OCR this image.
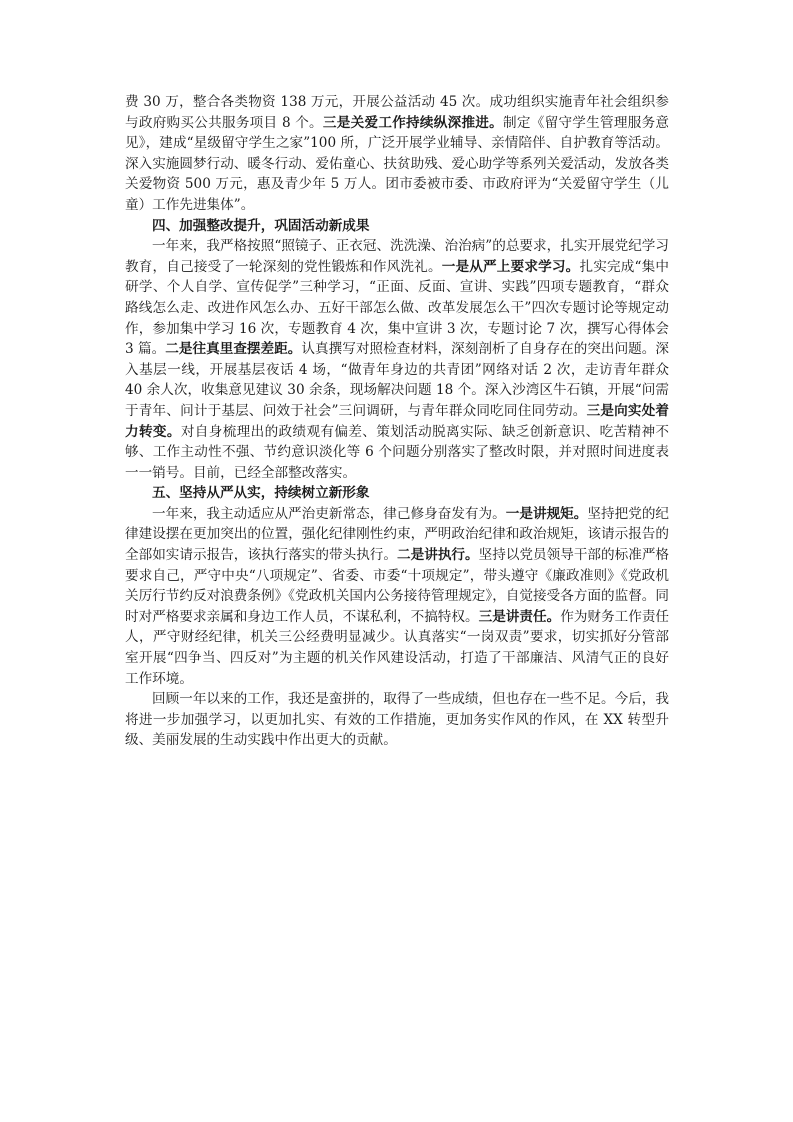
费 30 万，整合各类物资 138 万元，开展公益活动 45 次。成功组织实施青年社会组织参与政府购买公共服务项目 8 个。三是关爱工作持续纵深推进。制定《留守学生管理服务意见》，建成“星级留守学生之家”100 所，广泛开展学业辅导、亲情陪伴、自护教育等活动。深入实施圆梦行动、暖冬行动、爱佑童心、扶贫助残、爱心助学等系列关爱活动，发放各类关爱物资 500 万元，惠及青少年 5 万人。团市委被市委、市政府评为“关爱留守学生（儿童）工作先进集体”。

四、加强整改提升，巩固活动新成果

一年来，我严格按照“照镜子、正衣冠、洗洗澡、治治病”的总要求，扎实开展党纪学习教育，自己接受了一轮深刻的党性锻炼和作风洗礼。一是从严上要求学习。扎实完成“集中研学、个人自学、宣传促学”三种学习，“正面、反面、宣讲、实践”四项专题教育，“群众路线怎么走、改进作风怎么办、五好干部怎么做、改革发展怎么干”四次专题讨论等规定动作，参加集中学习 16 次，专题教育 4 次，集中宣讲 3 次，专题讨论 7 次，撰写心得体会 3 篇。二是往真里查摆差距。认真撰写对照检查材料，深刻剖析了自身存在的突出问题。深入基层一线，开展基层夜话 4 场，“做青年身边的共青团”网络对话 2 次，走访青年群众 40 余人次，收集意见建议 30 余条，现场解决问题 18 个。深入沙湾区牛石镇，开展“问需于青年、问计于基层、问效于社会”三问调研，与青年群众同吃同住同劳动。三是向实处着力转变。对自身梳理出的政绩观有偏差、策划活动脱离实际、缺乏创新意识、吃苦精神不够、工作主动性不强、节约意识淡化等 6 个问题分别落实了整改时限，并对照时间进度表一一销号。目前，已经全部整改落实。

五、坚持从严从实，持续树立新形象

一年来，我主动适应从严治吏新常态，律己修身奋发有为。一是讲规矩。坚持把党的纪律建设摆在更加突出的位置，强化纪律刚性约束，严明政治纪律和政治规矩，该请示报告的全部如实请示报告，该执行落实的带头执行。二是讲执行。坚持以党员领导干部的标准严格要求自己，严守中央“八项规定”、省委、市委“十项规定”，带头遵守《廉政准则》《党政机关厉行节约反对浪费条例》《党政机关国内公务接待管理规定》，自觉接受各方面的监督。同时对严格要求亲属和身边工作人员，不谋私利，不搞特权。三是讲责任。作为财务工作责任人，严守财经纪律，机关三公经费明显减少。认真落实“一岗双责”要求，切实抓好分管部室开展“四争当、四反对”为主题的机关作风建设活动，打造了干部廉洁、风清气正的良好工作环境。

回顾一年以来的工作，我还是蛮拼的，取得了一些成绩，但也存在一些不足。今后，我将进一步加强学习，以更加扎实、有效的工作措施，更加务实作风的作风，在 XX 转型升级、美丽发展的生动实践中作出更大的贡献。
